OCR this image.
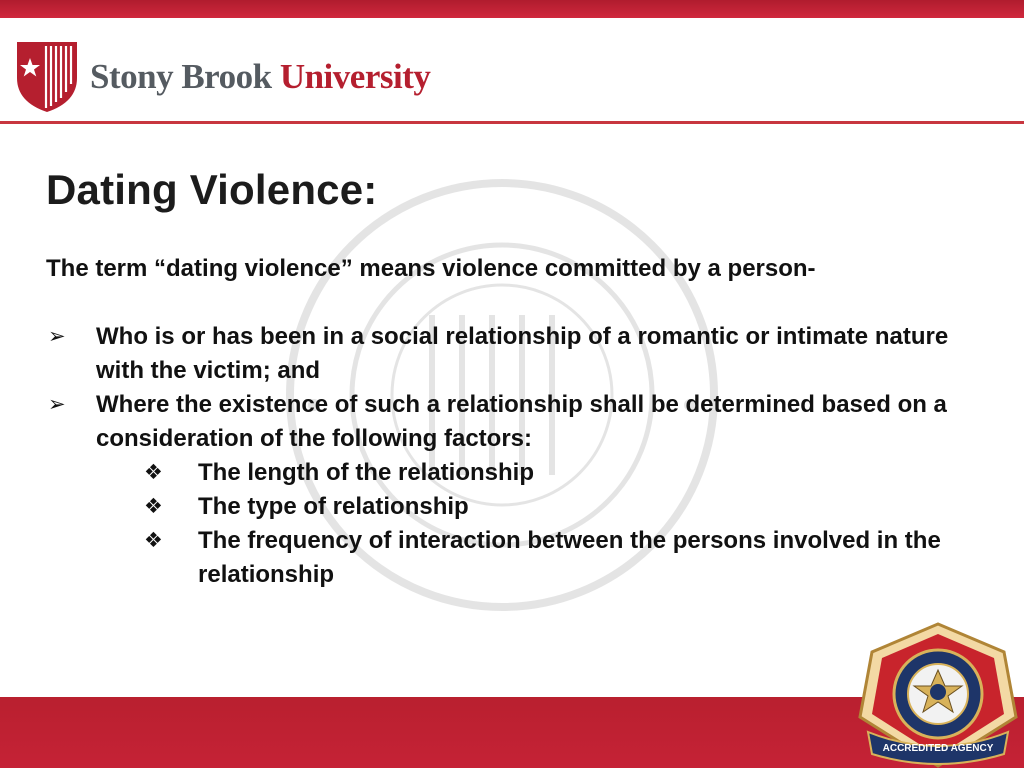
Stony Brook University
Dating Violence:

The term “dating violence” means violence committed by a person-

➢ Who is or has been in a social relationship of a romantic or intimate nature with the victim; and
➢ Where the existence of such a relationship shall be determined based on a consideration of the following factors:
❖ The length of the relationship
❖ The type of relationship
❖ The frequency of interaction between the persons involved in the relationship
ACCREDITED AGENCY
